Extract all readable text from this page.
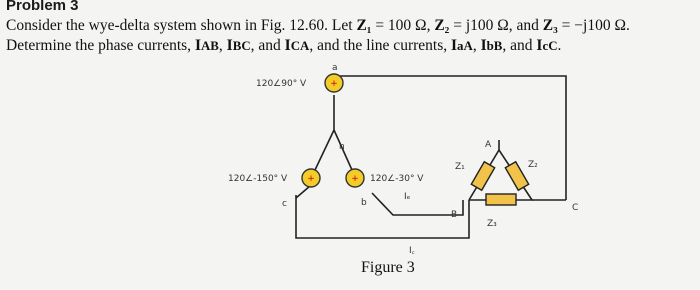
Problem 3
Consider the wye-delta system shown in Fig. 12.60. Let Z₁ = 100 Ω, Z₂ = j100 Ω, and Z₃ = −j100 Ω. Determine the phase currents, IAB, IBC, and ICA, and the line currents, IaA, IbB, and IcC.
+
+	+
120∠90° V
120∠-150° V	120∠-30° V
a
n
c	b
A
B
C
Z₁	Z₂
Z₃
Iₑ
I꜀
Figure 3
